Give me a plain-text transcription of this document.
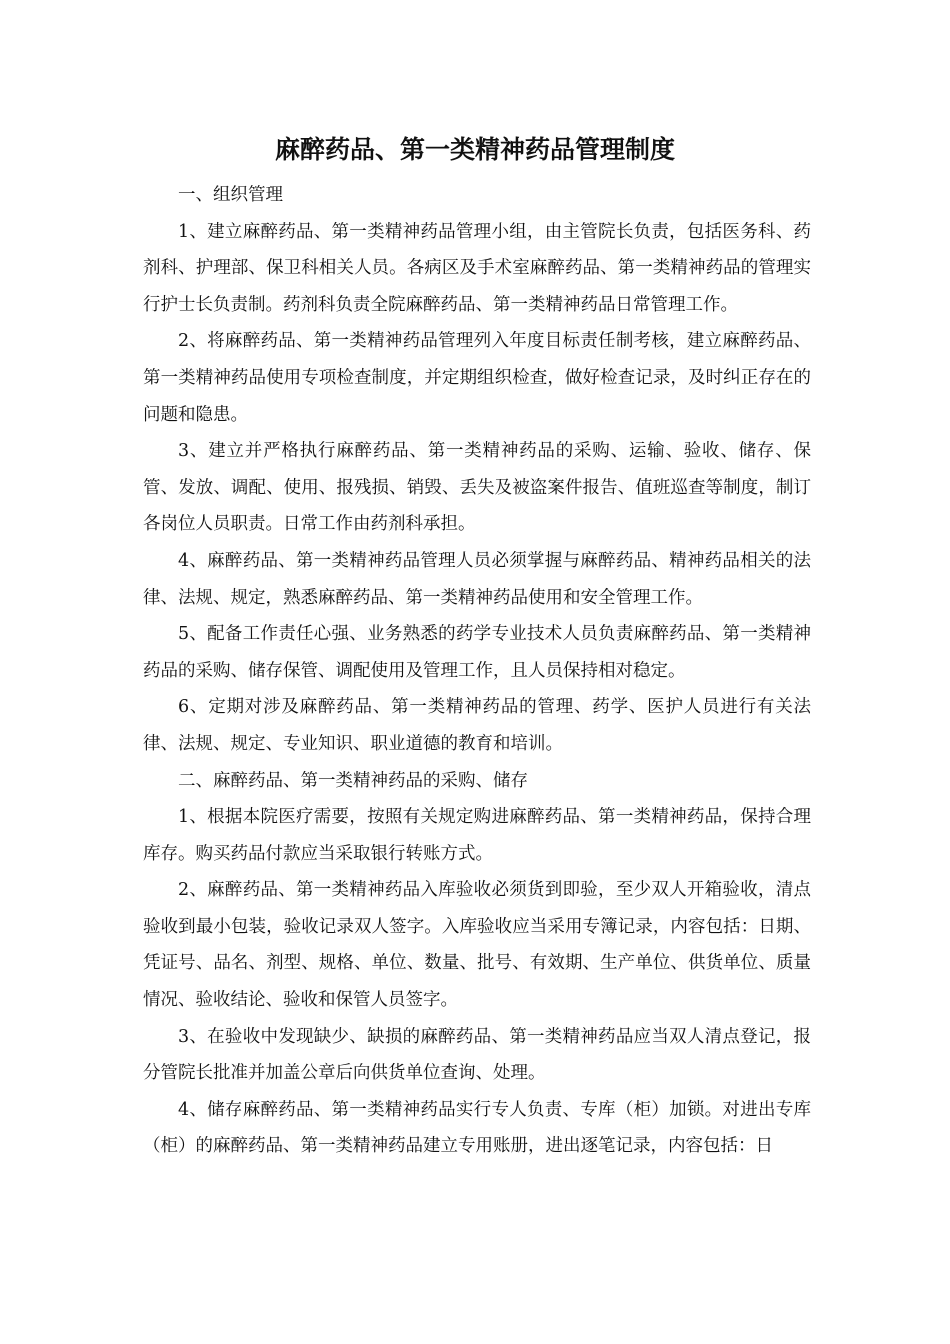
麻醉药品、第一类精神药品管理制度

一、组织管理

1、建立麻醉药品、第一类精神药品管理小组，由主管院长负责，包括医务科、药剂科、护理部、保卫科相关人员。各病区及手术室麻醉药品、第一类精神药品的管理实行护士长负责制。药剂科负责全院麻醉药品、第一类精神药品日常管理工作。

2、将麻醉药品、第一类精神药品管理列入年度目标责任制考核，建立麻醉药品、第一类精神药品使用专项检查制度，并定期组织检查，做好检查记录，及时纠正存在的问题和隐患。

3、建立并严格执行麻醉药品、第一类精神药品的采购、运输、验收、储存、保管、发放、调配、使用、报残损、销毁、丢失及被盗案件报告、值班巡查等制度，制订各岗位人员职责。日常工作由药剂科承担。

4、麻醉药品、第一类精神药品管理人员必须掌握与麻醉药品、精神药品相关的法律、法规、规定，熟悉麻醉药品、第一类精神药品使用和安全管理工作。

5、配备工作责任心强、业务熟悉的药学专业技术人员负责麻醉药品、第一类精神药品的采购、储存保管、调配使用及管理工作，且人员保持相对稳定。

6、定期对涉及麻醉药品、第一类精神药品的管理、药学、医护人员进行有关法律、法规、规定、专业知识、职业道德的教育和培训。

二、麻醉药品、第一类精神药品的采购、储存

1、根据本院医疗需要，按照有关规定购进麻醉药品、第一类精神药品，保持合理库存。购买药品付款应当采取银行转账方式。

2、麻醉药品、第一类精神药品入库验收必须货到即验，至少双人开箱验收，清点验收到最小包装，验收记录双人签字。入库验收应当采用专簿记录，内容包括：日期、凭证号、品名、剂型、规格、单位、数量、批号、有效期、生产单位、供货单位、质量情况、验收结论、验收和保管人员签字。

3、在验收中发现缺少、缺损的麻醉药品、第一类精神药品应当双人清点登记，报分管院长批准并加盖公章后向供货单位查询、处理。

4、储存麻醉药品、第一类精神药品实行专人负责、专库（柜）加锁。对进出专库（柜）的麻醉药品、第一类精神药品建立专用账册，进出逐笔记录，内容包括：日
